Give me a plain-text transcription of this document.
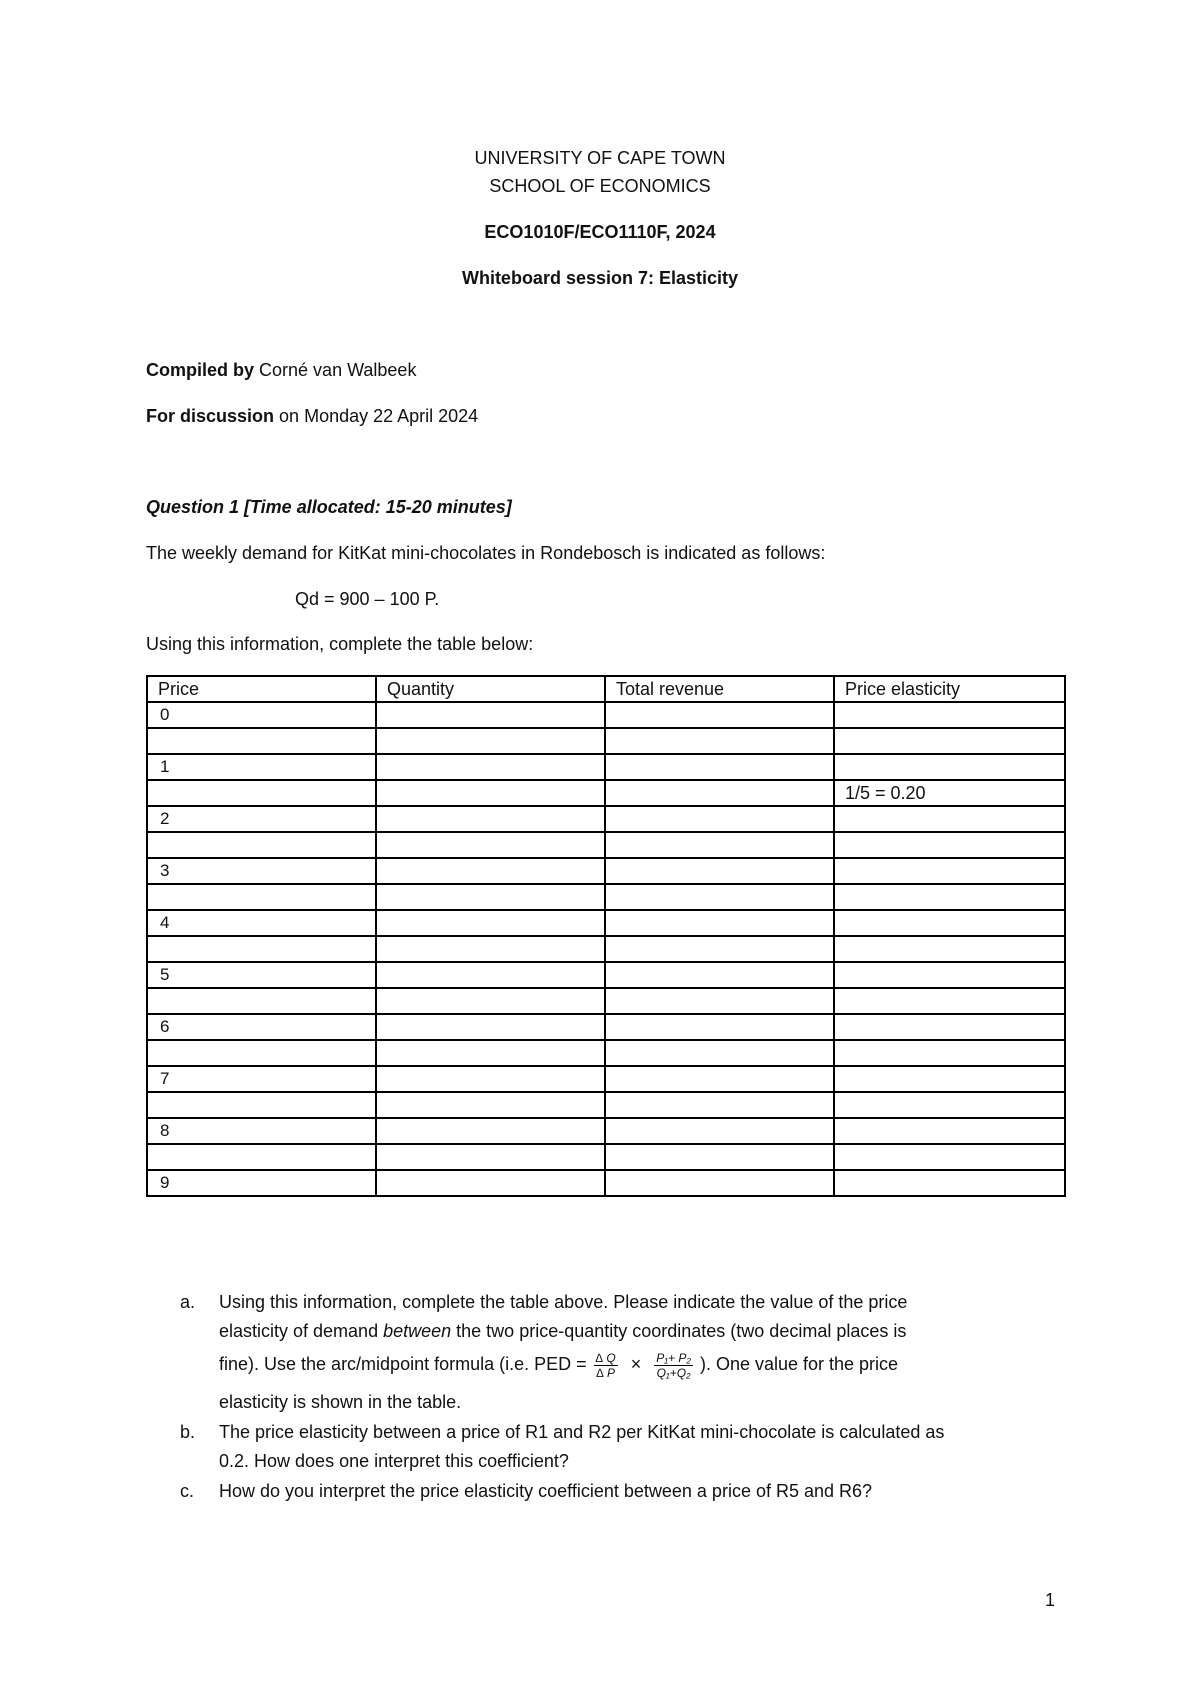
UNIVERSITY OF CAPE TOWN
SCHOOL OF ECONOMICS
ECO1010F/ECO1110F, 2024
Whiteboard session 7: Elasticity
Compiled by Corné van Walbeek
For discussion on Monday 22 April 2024
Question 1 [Time allocated: 15-20 minutes]
The weekly demand for KitKat mini-chocolates in Rondebosch is indicated as follows:
Qd = 900 – 100 P.
Using this information, complete the table below:
Price	Quantity	Total revenue	Price elasticity
0			

1			
			1/5 = 0.20
2			

3			

4			

5			

6			

7			

8			

9			
a.	Using this information, complete the table above. Please indicate the value of the price
elasticity of demand between the two price-quantity coordinates (two decimal places is
fine). Use the arc/midpoint formula (i.e. PED = $\frac{\Delta Q}{\Delta P} \times \frac{\text{P₁+ P₂}}{\text{Q₁+Q₂}}$ ). One value for the price
elasticity is shown in the table.
b.	The price elasticity between a price of R1 and R2 per KitKat mini-chocolate is calculated as
0.2. How does one interpret this coefficient?
c.	How do you interpret the price elasticity coefficient between a price of R5 and R6?
1
